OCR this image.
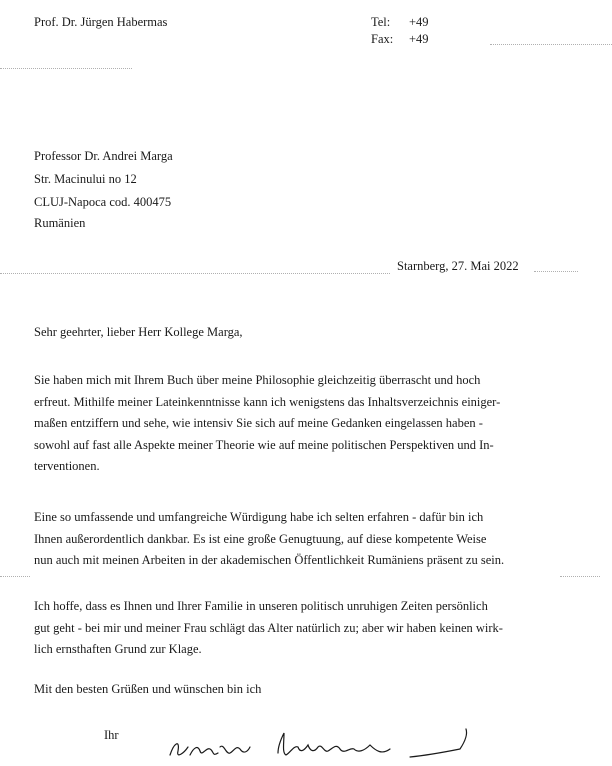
Prof. Dr. Jürgen Habermas	Tel: +49
Fax: +49
Professor Dr. Andrei Marga
Str. Macinului no 12
CLUJ-Napoca cod. 400475
Rumänien
Starnberg, 27. Mai 2022
Sehr geehrter, lieber Herr Kollege Marga,
Sie haben mich mit Ihrem Buch über meine Philosophie gleichzeitig überrascht und hoch
erfreut. Mithilfe meiner Lateinkenntnisse kann ich wenigstens das Inhaltsverzeichnis einiger-
maßen entziffern und sehe, wie intensiv Sie sich auf meine Gedanken eingelassen haben -
sowohl auf fast alle Aspekte meiner Theorie wie auf meine politischen Perspektiven und In-
terventionen.
Eine so umfassende und umfangreiche Würdigung habe ich selten erfahren - dafür bin ich
Ihnen außerordentlich dankbar. Es ist eine große Genugtuung, auf diese kompetente Weise
nun auch mit meinen Arbeiten in der akademischen Öffentlichkeit Rumäniens präsent zu sein.
Ich hoffe, dass es Ihnen und Ihrer Familie in unseren politisch unruhigen Zeiten persönlich
gut geht - bei mir und meiner Frau schlägt das Alter natürlich zu; aber wir haben keinen wirk-
lich ernsthaften Grund zur Klage.
Mit den besten Grüßen und wünschen bin ich
Ihr
